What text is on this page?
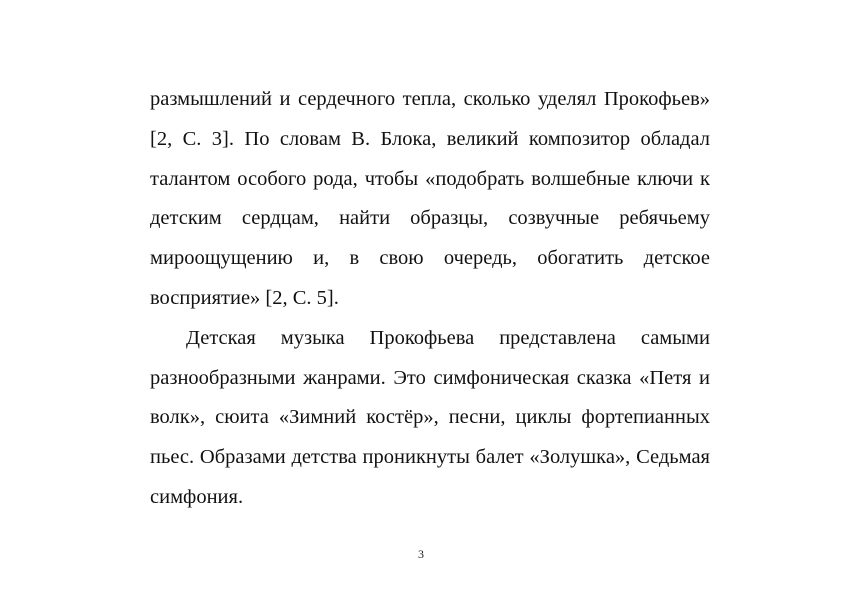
размышлений и сердечного тепла, сколько уделял Прокофьев» [2, С. 3]. По словам В. Блока, великий композитор обладал талантом особого рода, чтобы «подобрать волшебные ключи к детским сердцам, найти образцы, созвучные ребячьему мироощущению и, в свою очередь, обогатить детское восприятие» [2, С. 5].

Детская музыка Прокофьева представлена самыми разнообразными жанрами. Это симфоническая сказка «Петя и волк», сюита «Зимний костёр», песни, циклы фортепианных пьес. Образами детства проникнуты балет «Золушка», Седьмая симфония.

3
